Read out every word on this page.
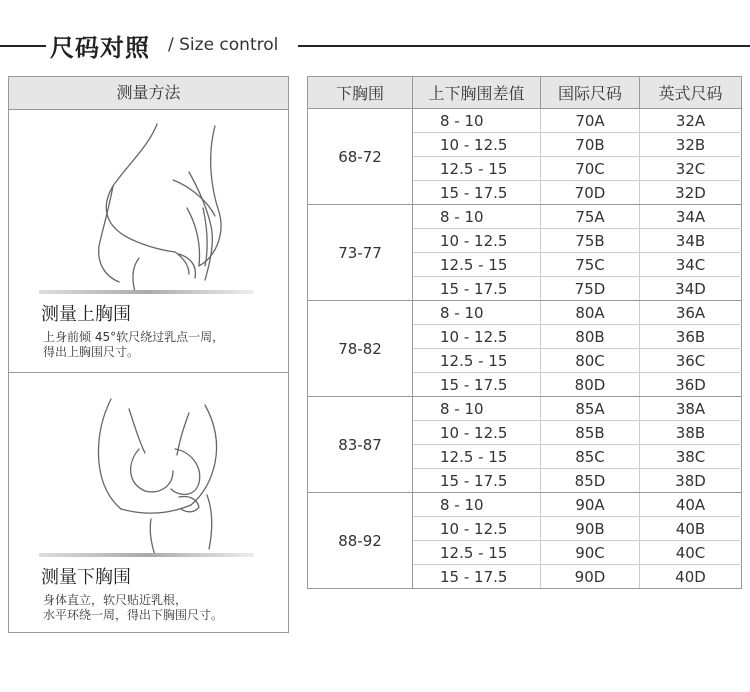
尺码对照 / Size control
测量方法
测量上胸围
上身前倾 45°软尺绕过乳点一周，
得出上胸围尺寸。
测量下胸围
身体直立，软尺贴近乳根，
水平环绕一周，得出下胸围尺寸。
下胸围	上下胸围差值	国际尺码	英式尺码
68-72	8 - 10	70A	32A
	10 - 12.5	70B	32B
	12.5 - 15	70C	32C
	15 - 17.5	70D	32D
73-77	8 - 10	75A	34A
	10 - 12.5	75B	34B
	12.5 - 15	75C	34C
	15 - 17.5	75D	34D
78-82	8 - 10	80A	36A
	10 - 12.5	80B	36B
	12.5 - 15	80C	36C
	15 - 17.5	80D	36D
83-87	8 - 10	85A	38A
	10 - 12.5	85B	38B
	12.5 - 15	85C	38C
	15 - 17.5	85D	38D
88-92	8 - 10	90A	40A
	10 - 12.5	90B	40B
	12.5 - 15	90C	40C
	15 - 17.5	90D	40D
